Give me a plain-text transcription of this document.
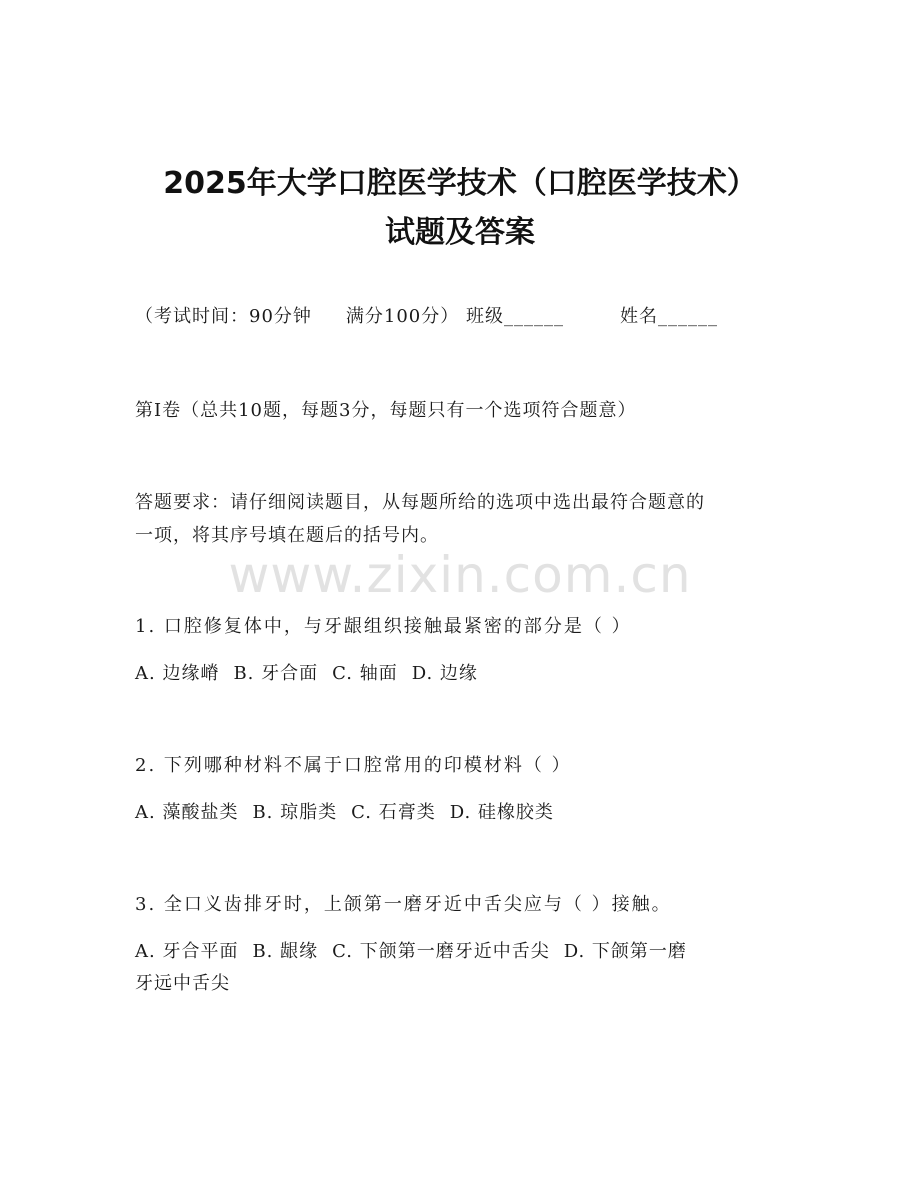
2025年大学口腔医学技术（口腔医学技术）
试题及答案
（考试时间：90分钟 满分100分） 班级______	姓名______
第I卷（总共10题，每题3分，每题只有一个选项符合题意）
答题要求：请仔细阅读题目，从每题所给的选项中选出最符合题意的
一项，将其序号填在题后的括号内。
www.zixin.com.cn
1. 口腔修复体中，与牙龈组织接触最紧密的部分是（ ）
A. 边缘嵴 B. 牙合面 C. 轴面 D. 边缘
2. 下列哪种材料不属于口腔常用的印模材料（ ）
A. 藻酸盐类 B. 琼脂类 C. 石膏类 D. 硅橡胶类
3. 全口义齿排牙时，上颌第一磨牙近中舌尖应与（ ）接触。
A. 牙合平面 B. 龈缘 C. 下颌第一磨牙近中舌尖 D. 下颌第一磨
牙远中舌尖
